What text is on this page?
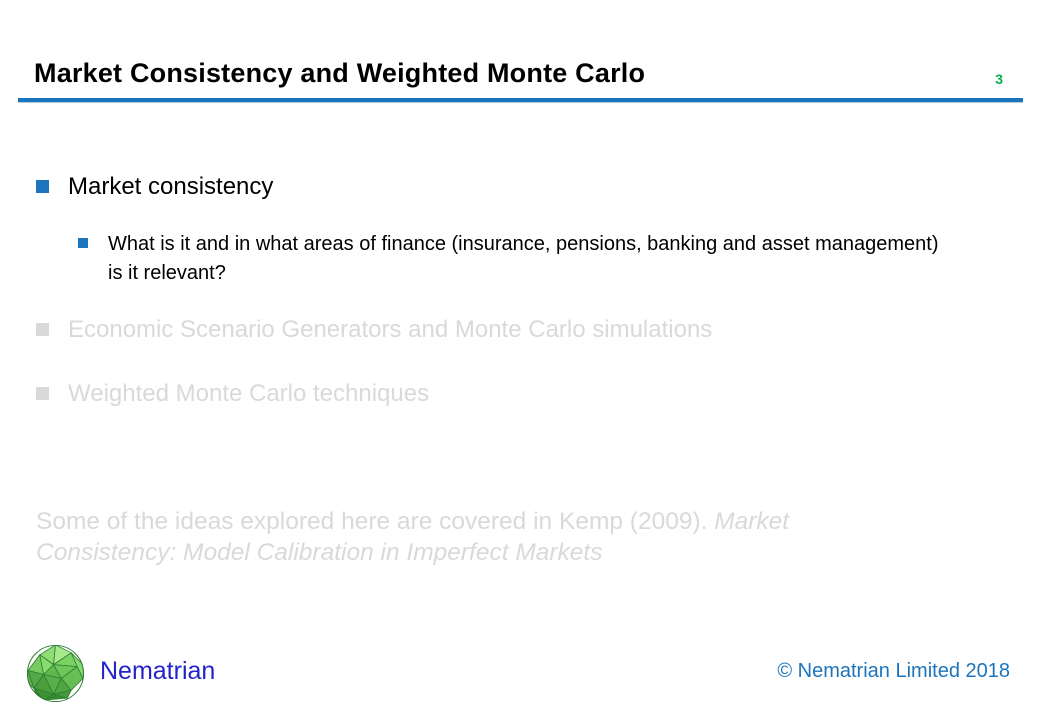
Market Consistency and Weighted Monte Carlo	3
Market consistency
What is it and in what areas of finance (insurance, pensions, banking and asset management) is it relevant?
Economic Scenario Generators and Monte Carlo simulations
Weighted Monte Carlo techniques
Some of the ideas explored here are covered in Kemp (2009). Market Consistency: Model Calibration in Imperfect Markets
Nematrian	© Nematrian Limited 2018
